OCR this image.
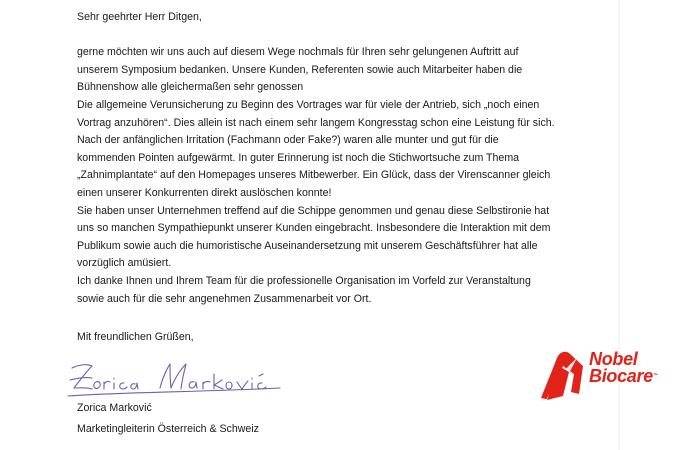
Sehr geehrter Herr Ditgen,

gerne möchten wir uns auch auf diesem Wege nochmals für Ihren sehr gelungenen Auftritt auf
unserem Symposium bedanken. Unsere Kunden, Referenten sowie auch Mitarbeiter haben die
Bühnenshow alle gleichermaßen sehr genossen
Die allgemeine Verunsicherung zu Beginn des Vortrages war für viele der Antrieb, sich „noch einen
Vortrag anzuhören“. Dies allein ist nach einem sehr langem Kongresstag schon eine Leistung für sich.
Nach der anfänglichen Irritation (Fachmann oder Fake?) waren alle munter und gut für die
kommenden Pointen aufgewärmt. In guter Erinnerung ist noch die Stichwortsuche zum Thema
„Zahnimplantate“ auf den Homepages unseres Mitbewerber. Ein Glück, dass der Virenscanner gleich
einen unserer Konkurrenten direkt auslöschen konnte!
Sie haben unser Unternehmen treffend auf die Schippe genommen und genau diese Selbstironie hat
uns so manchen Sympathiepunkt unserer Kunden eingebracht. Insbesondere die Interaktion mit dem
Publikum sowie auch die humoristische Auseinandersetzung mit unserem Geschäftsführer hat alle
vorzüglich amüsiert.
Ich danke Ihnen und Ihrem Team für die professionelle Organisation im Vorfeld zur Veranstaltung
sowie auch für die sehr angenehmen Zusammenarbeit vor Ort.
Mit freundlichen Grüßen,
Zorica Marković
Marketingleiterin Österreich & Schweiz
Nobel
Biocare™
